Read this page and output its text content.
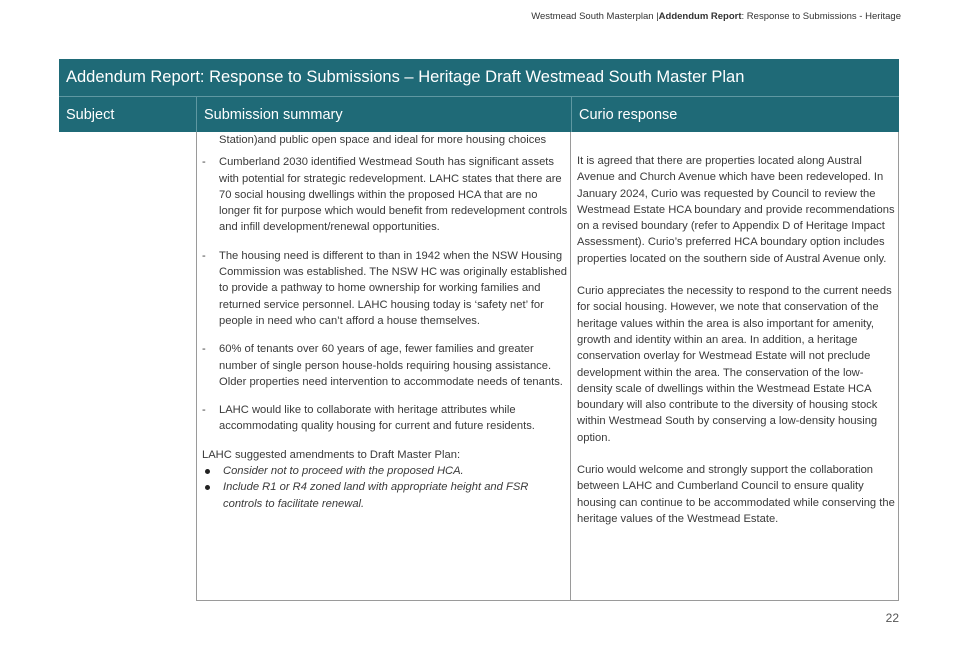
Westmead South Masterplan |Addendum Report: Response to Submissions - Heritage
Addendum Report: Response to Submissions – Heritage Draft Westmead South Master Plan
Subject	Submission summary	Curio response

Station)and public open space and ideal for more housing choices

- Cumberland 2030 identified Westmead South has significant assets with potential for strategic redevelopment. LAHC states that there are 70 social housing dwellings within the proposed HCA that are no longer fit for purpose which would benefit from redevelopment controls and infill development/renewal opportunities.

- The housing need is different to than in 1942 when the NSW Housing Commission was established. The NSW HC was originally established to provide a pathway to home ownership for working families and returned service personnel. LAHC housing today is ‘safety net’ for people in need who can’t afford a house themselves.

- 60% of tenants over 60 years of age, fewer families and greater number of single person house-holds requiring housing assistance. Older properties need intervention to accommodate needs of tenants.

- LAHC would like to collaborate with heritage attributes while accommodating quality housing for current and future residents.

LAHC suggested amendments to Draft Master Plan:

Consider not to proceed with the proposed HCA.
Include R1 or R4 zoned land with appropriate height and FSR controls to facilitate renewal.

It is agreed that there are properties located along Austral Avenue and Church Avenue which have been redeveloped. In January 2024, Curio was requested by Council to review the Westmead Estate HCA boundary and provide recommendations on a revised boundary (refer to Appendix D of Heritage Impact Assessment). Curio’s preferred HCA boundary option includes properties located on the southern side of Austral Avenue only.

Curio appreciates the necessity to respond to the current needs for social housing. However, we note that conservation of the heritage values within the area is also important for amenity, growth and identity within an area. In addition, a heritage conservation overlay for Westmead Estate will not preclude development within the area. The conservation of the low-density scale of dwellings within the Westmead Estate HCA boundary will also contribute to the diversity of housing stock within Westmead South by conserving a low-density housing option.

Curio would welcome and strongly support the collaboration between LAHC and Cumberland Council to ensure quality housing can continue to be accommodated while conserving the heritage values of the Westmead Estate.

22
